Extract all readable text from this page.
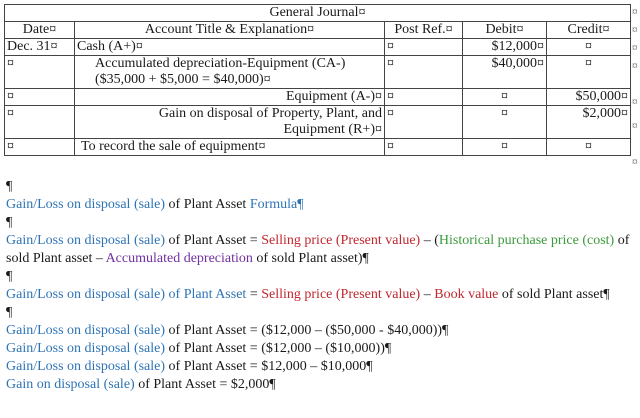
General Journal¤				
Date¤	Account Title & Explanation¤	Post Ref.¤	Debit¤	Credit¤
Dec. 31¤	Cash (A+)¤	¤	$12,000¤	¤
¤	Accumulated depreciation-Equipment (CA-) ($35,000 + $5,000 = $40,000)¤	¤	$40,000¤	¤
¤	Equipment (A-)¤	¤	¤	$50,000¤
¤	Gain on disposal of Property, Plant, and Equipment (R+)¤	¤	¤	$2,000¤
¤	To record the sale of equipment¤	¤	¤	¤
¤
¤
¤
¤
¤
¤
¤
¶
Gain/Loss on disposal (sale) of Plant Asset Formula¶
¶
Gain/Loss on disposal (sale) of Plant Asset = Selling price (Present value) – (Historical purchase price (cost) of sold Plant asset – Accumulated depreciation of sold Plant asset)¶
¶
Gain/Loss on disposal (sale) of Plant Asset = Selling price (Present value) – Book value of sold Plant asset¶
¶
Gain/Loss on disposal (sale) of Plant Asset = ($12,000 – ($50,000 - $40,000))¶
Gain/Loss on disposal (sale) of Plant Asset = ($12,000 – ($10,000))¶
Gain/Loss on disposal (sale) of Plant Asset = $12,000 – $10,000¶
Gain on disposal (sale) of Plant Asset = $2,000¶
